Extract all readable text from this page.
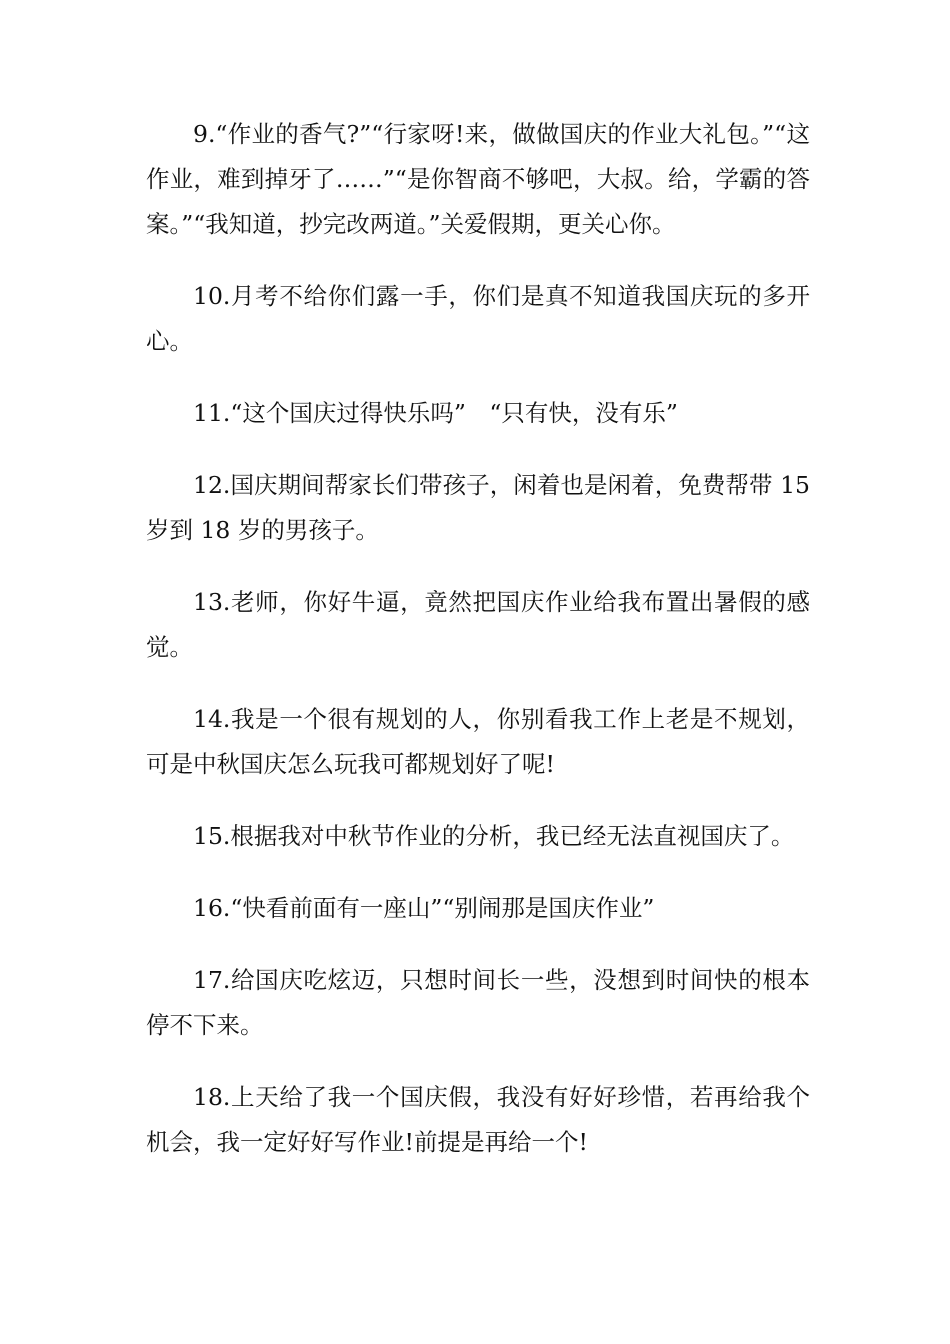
9.“作业的香气?”“行家呀!来，做做国庆的作业大礼包。”“这作业，难到掉牙了……”“是你智商不够吧，大叔。给，学霸的答案。”“我知道，抄完改两道。”关爱假期，更关心你。

10.月考不给你们露一手，你们是真不知道我国庆玩的多开心。

11.“这个国庆过得快乐吗”　“只有快，没有乐”

12.国庆期间帮家长们带孩子，闲着也是闲着，免费帮带 15 岁到 18 岁的男孩子。

13.老师，你好牛逼，竟然把国庆作业给我布置出暑假的感觉。

14.我是一个很有规划的人，你别看我工作上老是不规划，可是中秋国庆怎么玩我可都规划好了呢!

15.根据我对中秋节作业的分析，我已经无法直视国庆了。

16.“快看前面有一座山”“别闹那是国庆作业”

17.给国庆吃炫迈，只想时间长一些，没想到时间快的根本停不下来。

18.上天给了我一个国庆假，我没有好好珍惜，若再给我个机会，我一定好好写作业!前提是再给一个!
